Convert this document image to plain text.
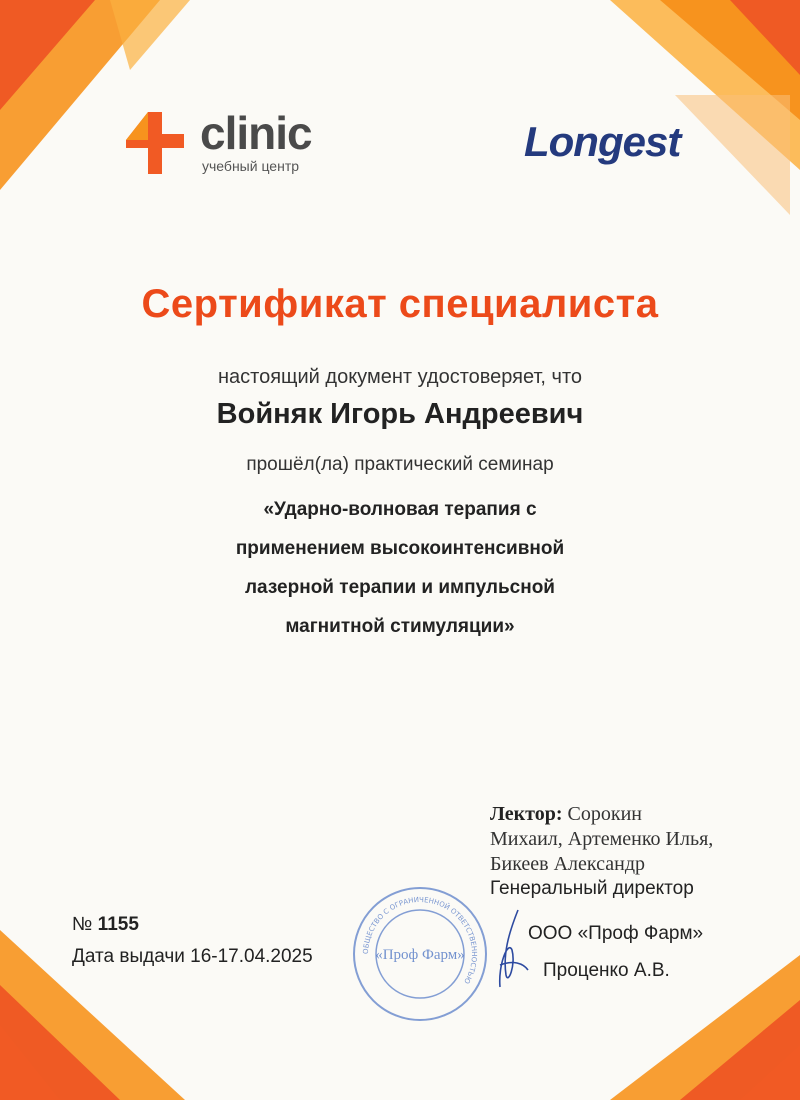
clinic
учебный центр
Longest
Сертификат специалиста
настоящий документ удостоверяет, что
Войняк Игорь Андреевич
прошёл(ла) практический семинар
«Ударно-волновая терапия с
применением высокоинтенсивной
лазерной терапии и импульсной
магнитной стимуляции»
Лектор: Сорокин
Михаил, Артеменко Илья,
Бикеев Александр
Генеральный директор
ОБЩЕСТВО С ОГРАНИЧЕННОЙ ОТВЕТСТВЕННОСТЬЮ
«Проф Фарм»
ООО «Проф Фарм»
Проценко А.В.
№ 1155
Дата выдачи 16-17.04.2025
